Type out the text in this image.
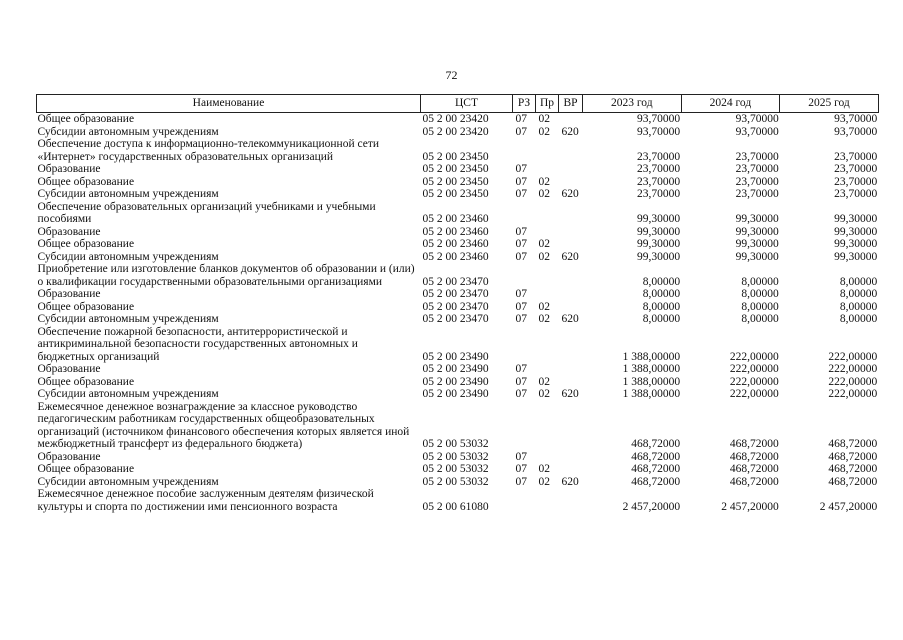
72
Наименование	ЦСТ	РЗ	Пр	ВР	2023 год	2024 год	2025 год
Общее образование	05 2 00 23420	07	02		93,70000	93,70000	93,70000
Субсидии автономным учреждениям	05 2 00 23420	07	02	620	93,70000	93,70000	93,70000
Обеспечение доступа к информационно-телекоммуникационной сети «Интернет» государственных образовательных организаций	05 2 00 23450				23,70000	23,70000	23,70000
Образование	05 2 00 23450	07			23,70000	23,70000	23,70000
Общее образование	05 2 00 23450	07	02		23,70000	23,70000	23,70000
Субсидии автономным учреждениям	05 2 00 23450	07	02	620	23,70000	23,70000	23,70000
Обеспечение образовательных организаций учебниками и учебными пособиями	05 2 00 23460				99,30000	99,30000	99,30000
Образование	05 2 00 23460	07			99,30000	99,30000	99,30000
Общее образование	05 2 00 23460	07	02		99,30000	99,30000	99,30000
Субсидии автономным учреждениям	05 2 00 23460	07	02	620	99,30000	99,30000	99,30000
Приобретение или изготовление бланков документов об образовании и (или) о квалификации государственными образовательными организациями	05 2 00 23470				8,00000	8,00000	8,00000
Образование	05 2 00 23470	07			8,00000	8,00000	8,00000
Общее образование	05 2 00 23470	07	02		8,00000	8,00000	8,00000
Субсидии автономным учреждениям	05 2 00 23470	07	02	620	8,00000	8,00000	8,00000
Обеспечение пожарной безопасности, антитеррористической и антикриминальной безопасности государственных автономных и бюджетных организаций	05 2 00 23490				1 388,00000	222,00000	222,00000
Образование	05 2 00 23490	07			1 388,00000	222,00000	222,00000
Общее образование	05 2 00 23490	07	02		1 388,00000	222,00000	222,00000
Субсидии автономным учреждениям	05 2 00 23490	07	02	620	1 388,00000	222,00000	222,00000
Ежемесячное денежное вознаграждение за классное руководство педагогическим работникам государственных общеобразовательных организаций (источником финансового обеспечения которых является иной межбюджетный трансферт из федерального бюджета)	05 2 00 53032				468,72000	468,72000	468,72000
Образование	05 2 00 53032	07			468,72000	468,72000	468,72000
Общее образование	05 2 00 53032	07	02		468,72000	468,72000	468,72000
Субсидии автономным учреждениям	05 2 00 53032	07	02	620	468,72000	468,72000	468,72000
Ежемесячное денежное пособие заслуженным деятелям физической культуры и спорта по достижении ими пенсионного возраста	05 2 00 61080				2 457,20000	2 457,20000	2 457,20000
